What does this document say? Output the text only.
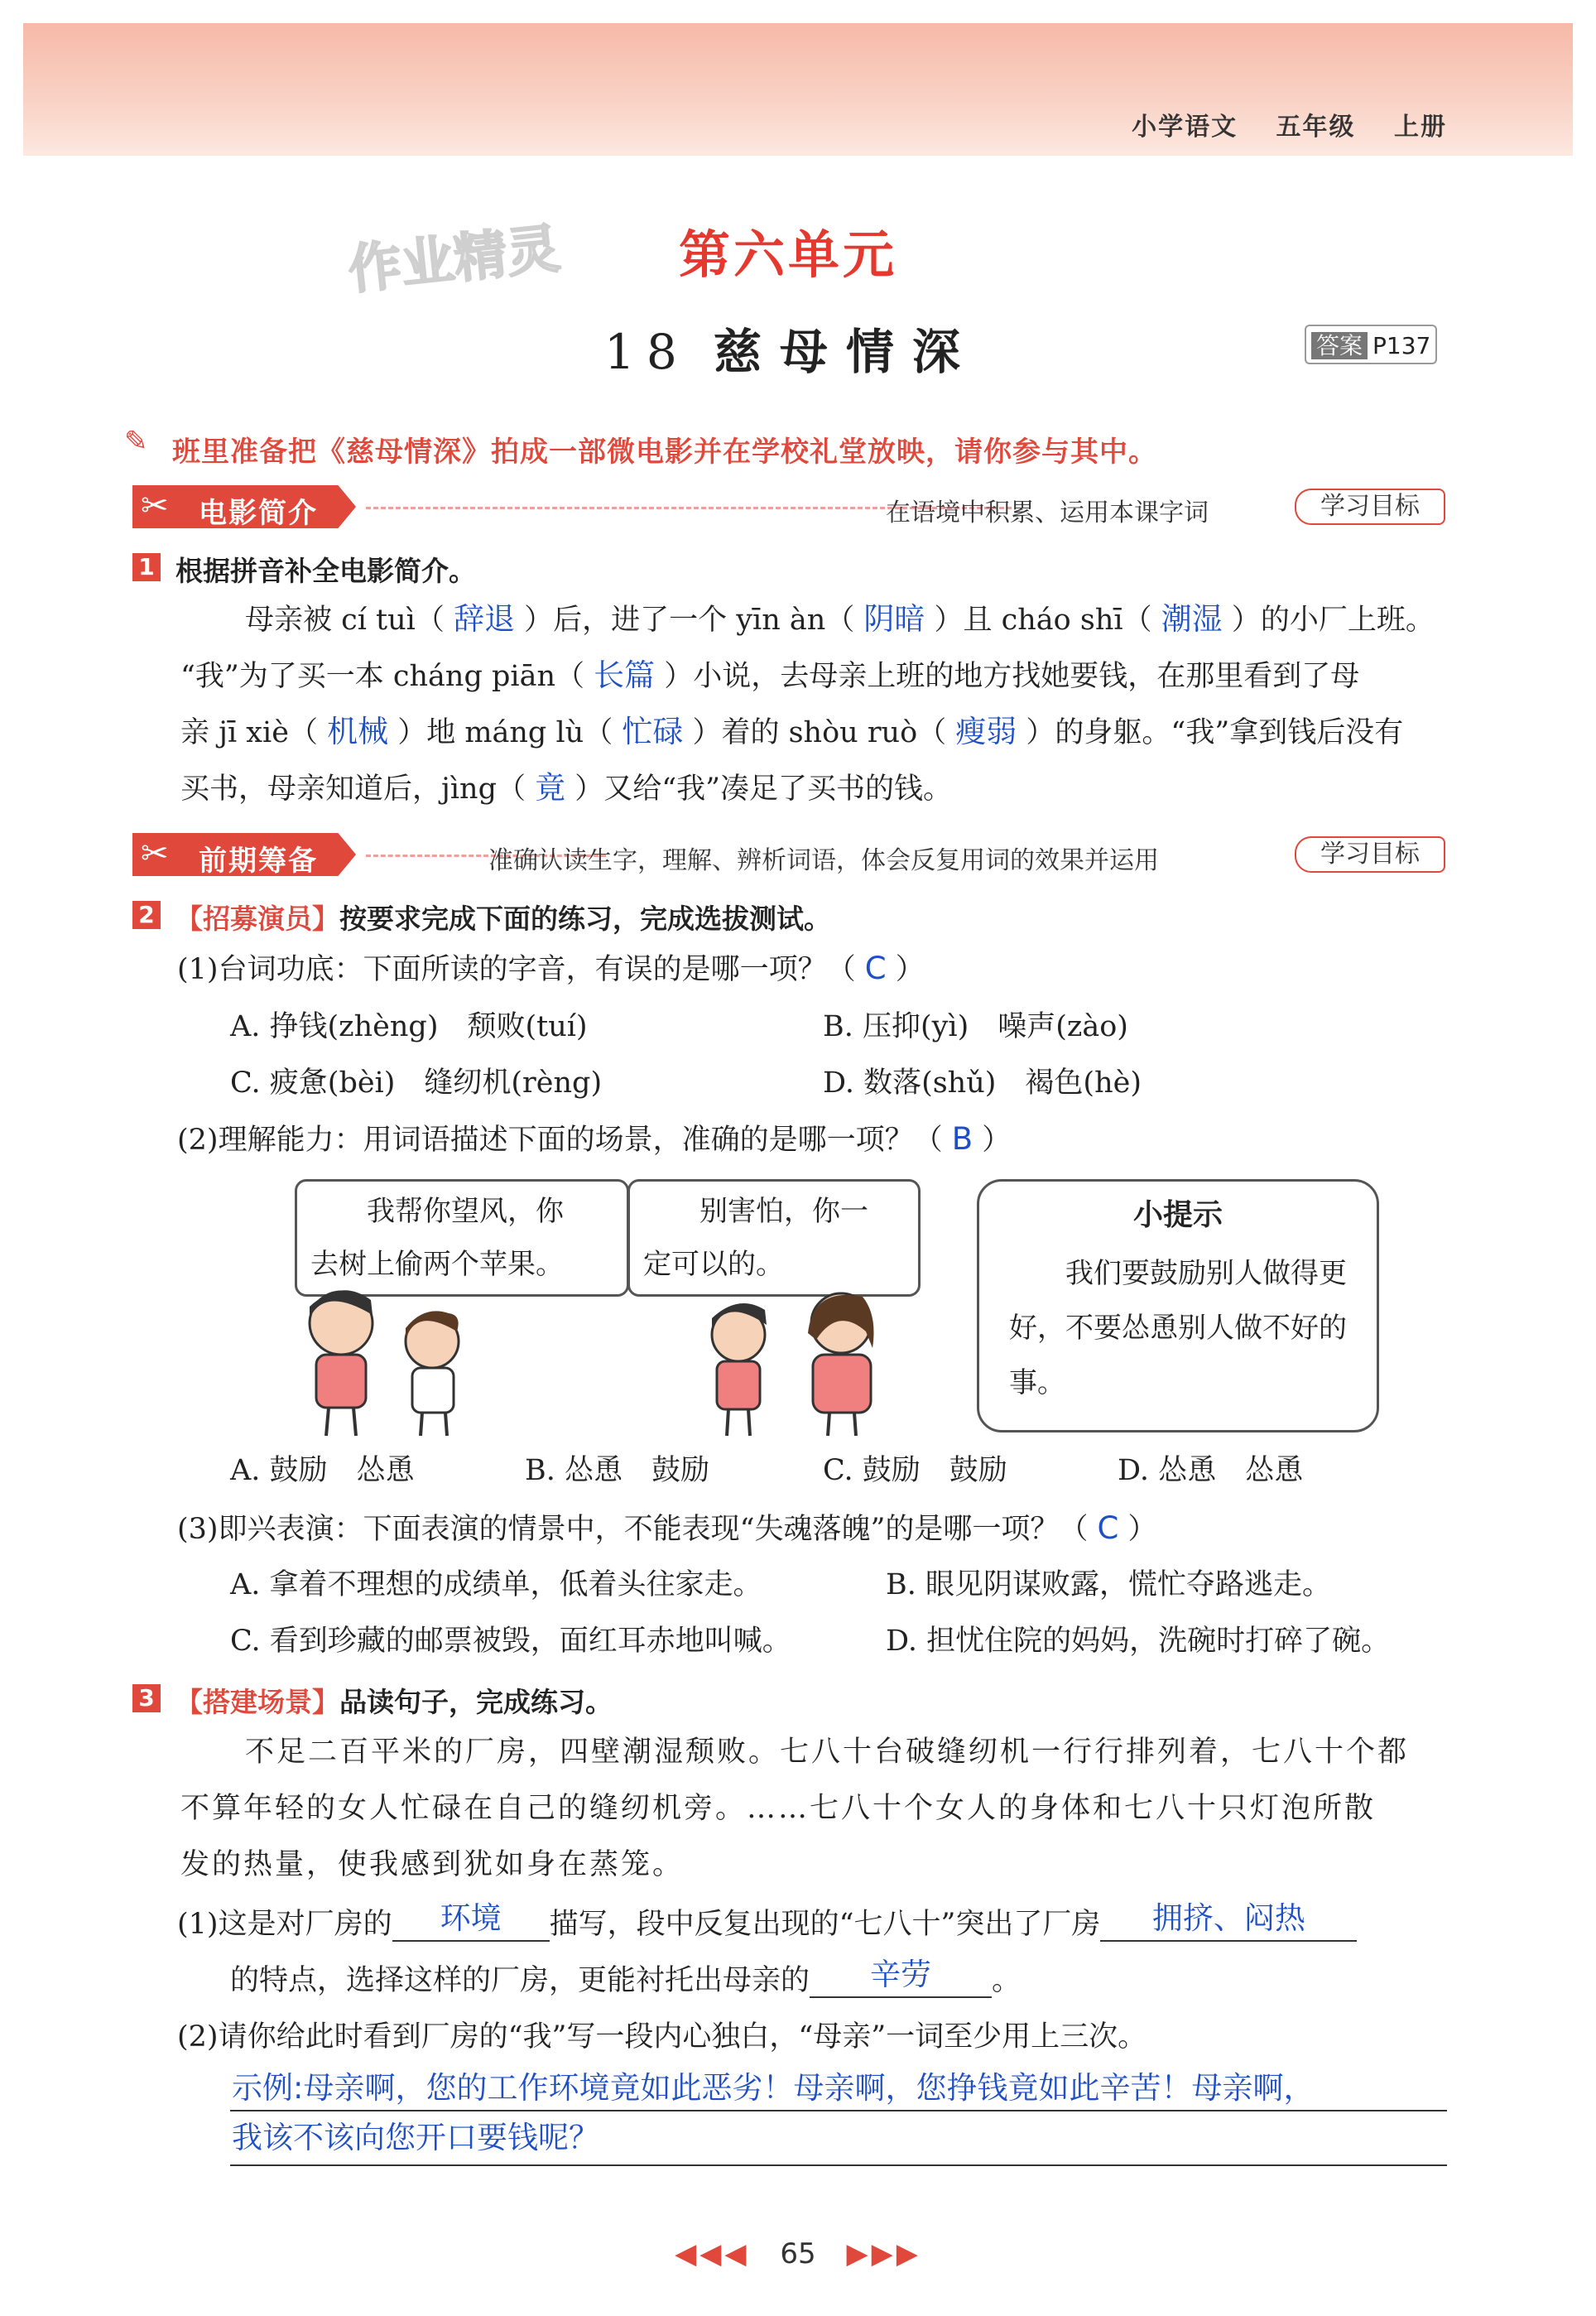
小学语文 五年级 上册
作业精灵 第六单元
18 慈母情深	答案 P137
✎ 班里准备把《慈母情深》拍成一部微电影并在学校礼堂放映，请你参与其中。
✂ 电影简介	在语境中积累、运用本课字词	学习目标
1 根据拼音补全电影简介。
母亲被 cí tuì（ 辞退 ）后，进了一个 yīn àn（ 阴暗 ）且 cháo shī（ 潮湿 ）的小厂上班。
“我”为了买一本 cháng piān（ 长篇 ）小说，去母亲上班的地方找她要钱，在那里看到了母
亲 jī xiè（ 机械 ）地 máng lù（ 忙碌 ）着的 shòu ruò（ 瘦弱 ）的身躯。“我”拿到钱后没有
买书，母亲知道后，jìng（ 竟 ）又给“我”凑足了买书的钱。
✂ 前期筹备	准确认读生字，理解、辨析词语，体会反复用词的效果并运用	学习目标
2 【招募演员】按要求完成下面的练习，完成选拔测试。
(1)台词功底：下面所读的字音，有误的是哪一项？（ C ）
A. 挣钱(zhèng)　颓败(tuí)	B. 压抑(yì)　噪声(zào)
C. 疲惫(bèi)　缝纫机(rèng)	D. 数落(shǔ)　褐色(hè)
(2)理解能力：用词语描述下面的场景，准确的是哪一项？（ B ）
我帮你望风，你
去树上偷两个苹果。
别害怕，你一
定可以的。
小提示
我们要鼓励别人做得更好，不要怂恿别人做不好的事。
A. 鼓励　怂恿	B. 怂恿　鼓励	C. 鼓励　鼓励	D. 怂恿　怂恿
(3)即兴表演：下面表演的情景中，不能表现“失魂落魄”的是哪一项？（ C ）
A. 拿着不理想的成绩单，低着头往家走。	B. 眼见阴谋败露，慌忙夺路逃走。
C. 看到珍藏的邮票被毁，面红耳赤地叫喊。	D. 担忧住院的妈妈，洗碗时打碎了碗。
3 【搭建场景】品读句子，完成练习。
不足二百平米的厂房，四壁潮湿颓败。七八十台破缝纫机一行行排列着，七八十个都
不算年轻的女人忙碌在自己的缝纫机旁。……七八十个女人的身体和七八十只灯泡所散
发的热量，使我感到犹如身在蒸笼。
(1)这是对厂房的 环境 描写，段中反复出现的“七八十”突出了厂房 拥挤、闷热
的特点，选择这样的厂房，更能衬托出母亲的 辛劳 。
(2)请你给此时看到厂房的“我”写一段内心独白，“母亲”一词至少用上三次。
示例:母亲啊，您的工作环境竟如此恶劣！母亲啊，您挣钱竟如此辛苦！母亲啊，
我该不该向您开口要钱呢？
◀◀◀ 65 ▶▶▶
